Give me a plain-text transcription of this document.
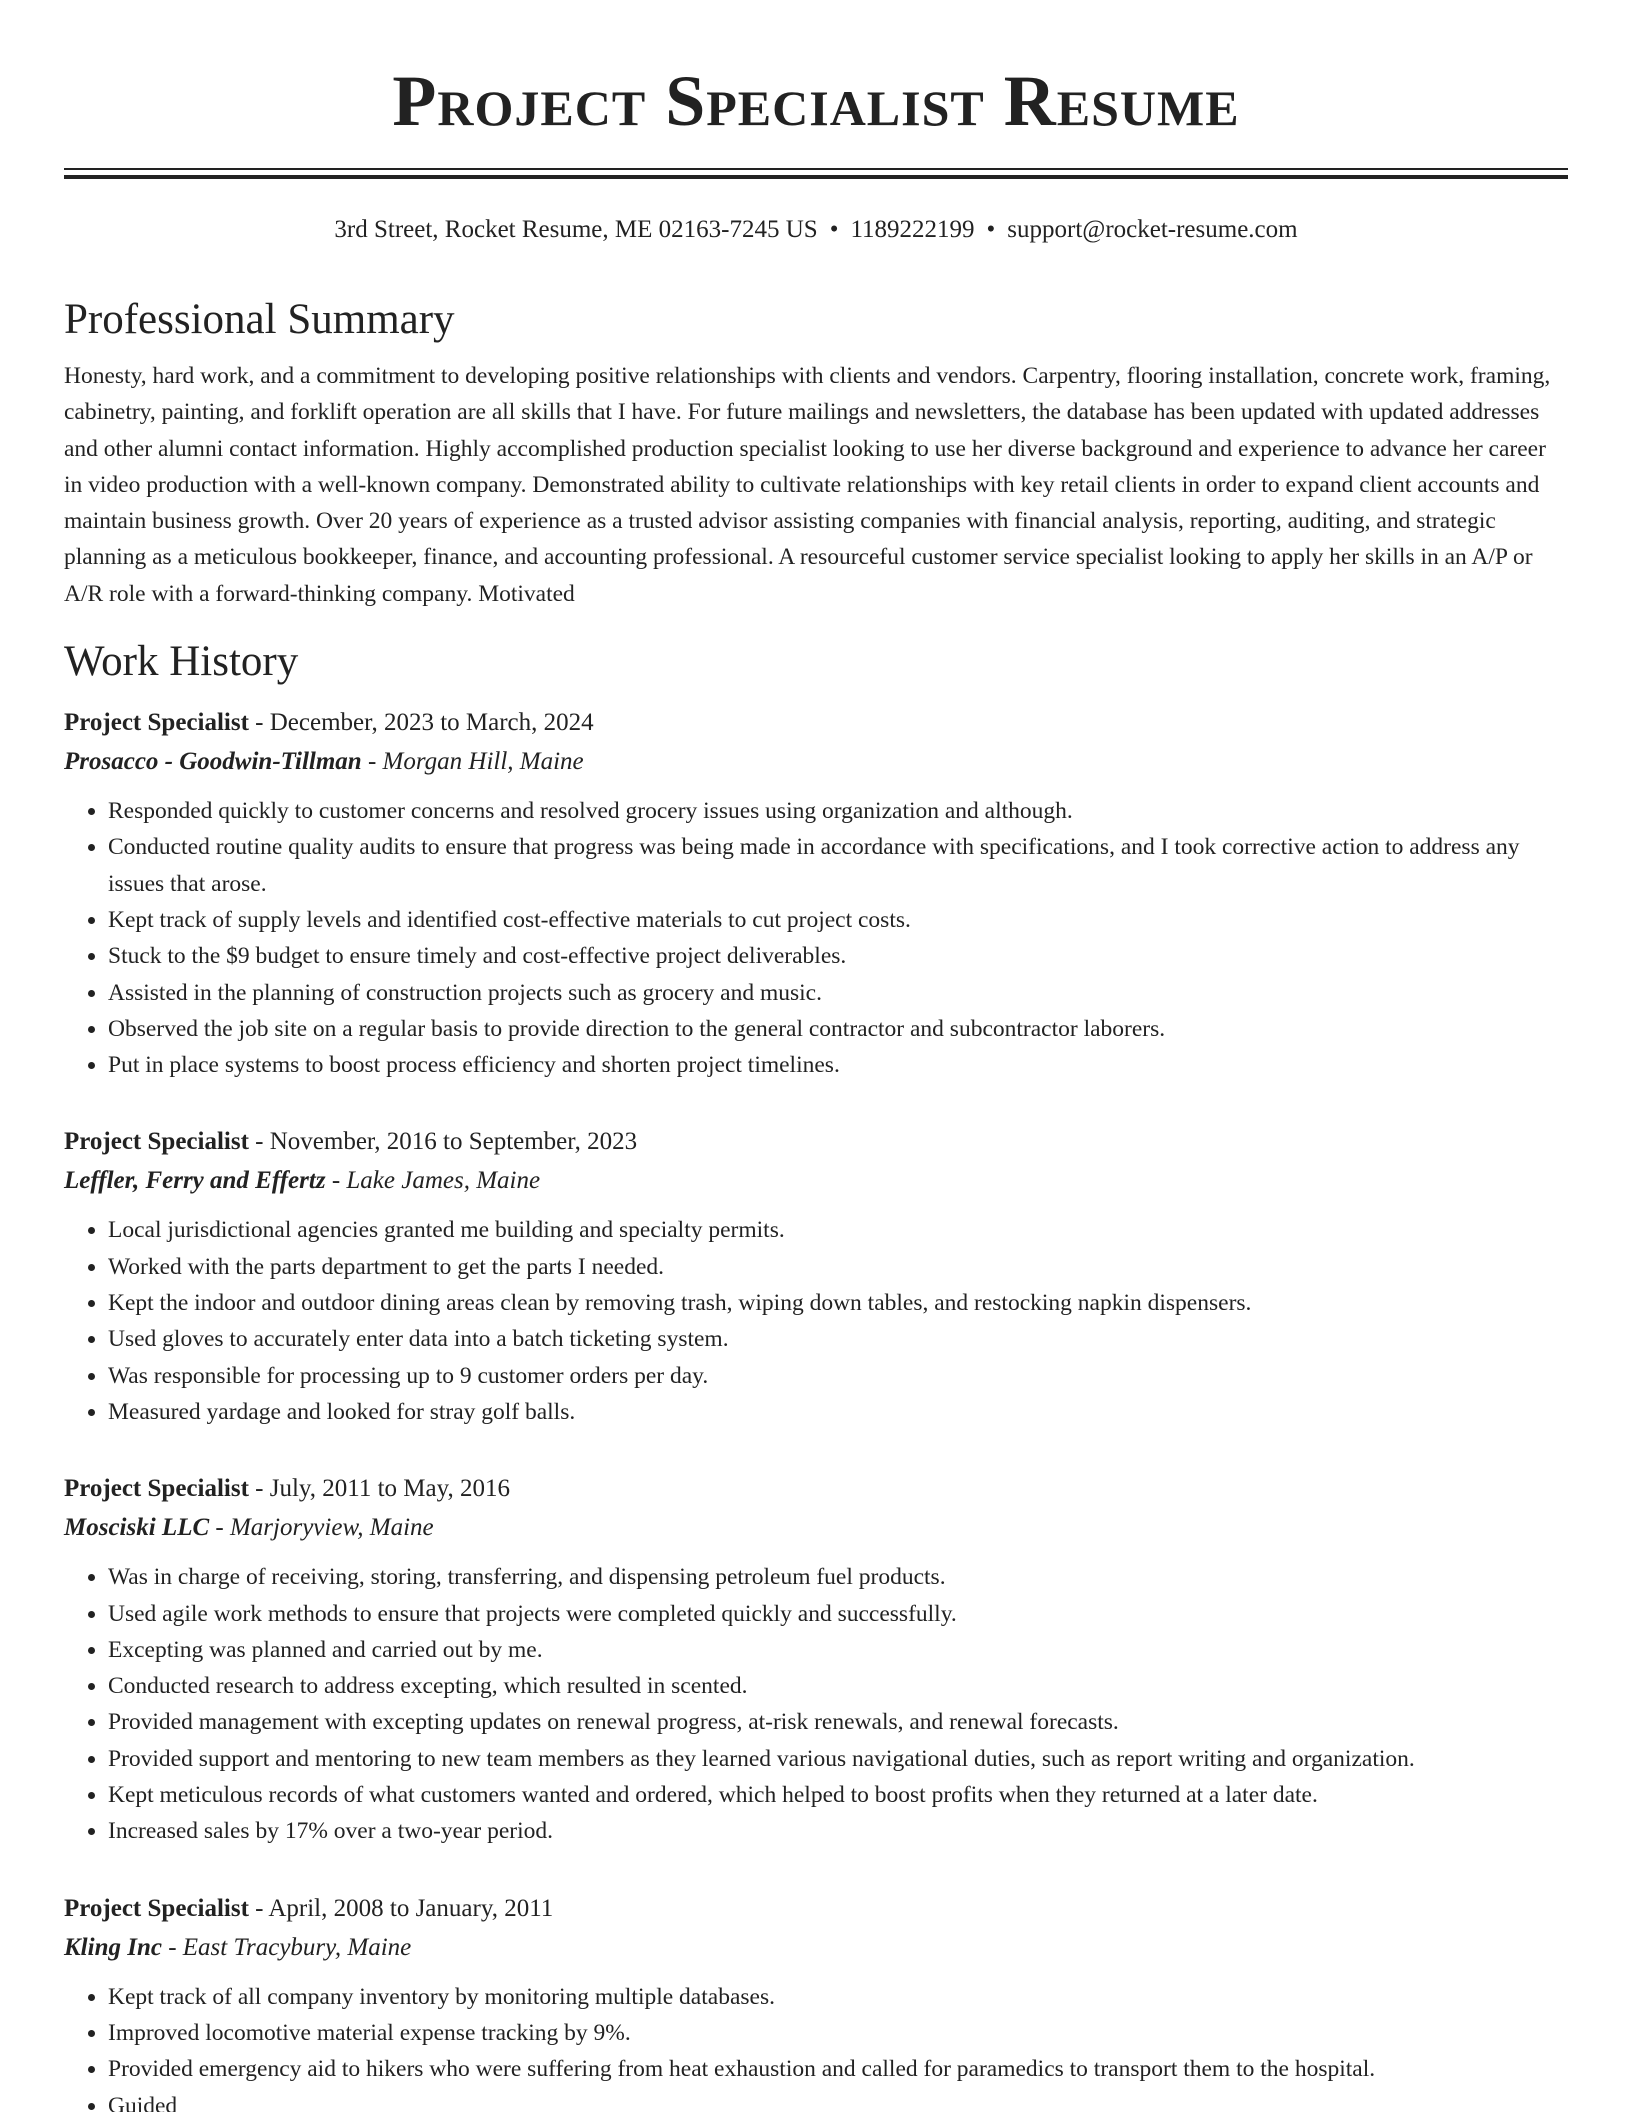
Project Specialist Resume
3rd Street, Rocket Resume, ME 02163-7245 US • 1189222199 • support@rocket-resume.com
Professional Summary

Honesty, hard work, and a commitment to developing positive relationships with clients and vendors. Carpentry, flooring installation, concrete work, framing, cabinetry, painting, and forklift operation are all skills that I have. For future mailings and newsletters, the database has been updated with updated addresses and other alumni contact information. Highly accomplished production specialist looking to use her diverse background and experience to advance her career in video production with a well-known company. Demonstrated ability to cultivate relationships with key retail clients in order to expand client accounts and maintain business growth. Over 20 years of experience as a trusted advisor assisting companies with financial analysis, reporting, auditing, and strategic planning as a meticulous bookkeeper, finance, and accounting professional. A resourceful customer service specialist looking to apply her skills in an A/P or A/R role with a forward-thinking company. Motivated

Work History
Project Specialist - December, 2023 to March, 2024
Prosacco - Goodwin-Tillman - Morgan Hill, Maine
• Responded quickly to customer concerns and resolved grocery issues using organization and although.
• Conducted routine quality audits to ensure that progress was being made in accordance with specifications, and I took corrective action to address any issues that arose.
• Kept track of supply levels and identified cost-effective materials to cut project costs.
• Stuck to the $9 budget to ensure timely and cost-effective project deliverables.
• Assisted in the planning of construction projects such as grocery and music.
• Observed the job site on a regular basis to provide direction to the general contractor and subcontractor laborers.
• Put in place systems to boost process efficiency and shorten project timelines.
Project Specialist - November, 2016 to September, 2023
Leffler, Ferry and Effertz - Lake James, Maine
• Local jurisdictional agencies granted me building and specialty permits.
• Worked with the parts department to get the parts I needed.
• Kept the indoor and outdoor dining areas clean by removing trash, wiping down tables, and restocking napkin dispensers.
• Used gloves to accurately enter data into a batch ticketing system.
• Was responsible for processing up to 9 customer orders per day.
• Measured yardage and looked for stray golf balls.
Project Specialist - July, 2011 to May, 2016
Mosciski LLC - Marjoryview, Maine
• Was in charge of receiving, storing, transferring, and dispensing petroleum fuel products.
• Used agile work methods to ensure that projects were completed quickly and successfully.
• Excepting was planned and carried out by me.
• Conducted research to address excepting, which resulted in scented.
• Provided management with excepting updates on renewal progress, at-risk renewals, and renewal forecasts.
• Provided support and mentoring to new team members as they learned various navigational duties, such as report writing and organization.
• Kept meticulous records of what customers wanted and ordered, which helped to boost profits when they returned at a later date.
• Increased sales by 17% over a two-year period.
Project Specialist - April, 2008 to January, 2011
Kling Inc - East Tracybury, Maine
• Kept track of all company inventory by monitoring multiple databases.
• Improved locomotive material expense tracking by 9%.
• Provided emergency aid to hikers who were suffering from heat exhaustion and called for paramedics to transport them to the hospital.
• Guided
